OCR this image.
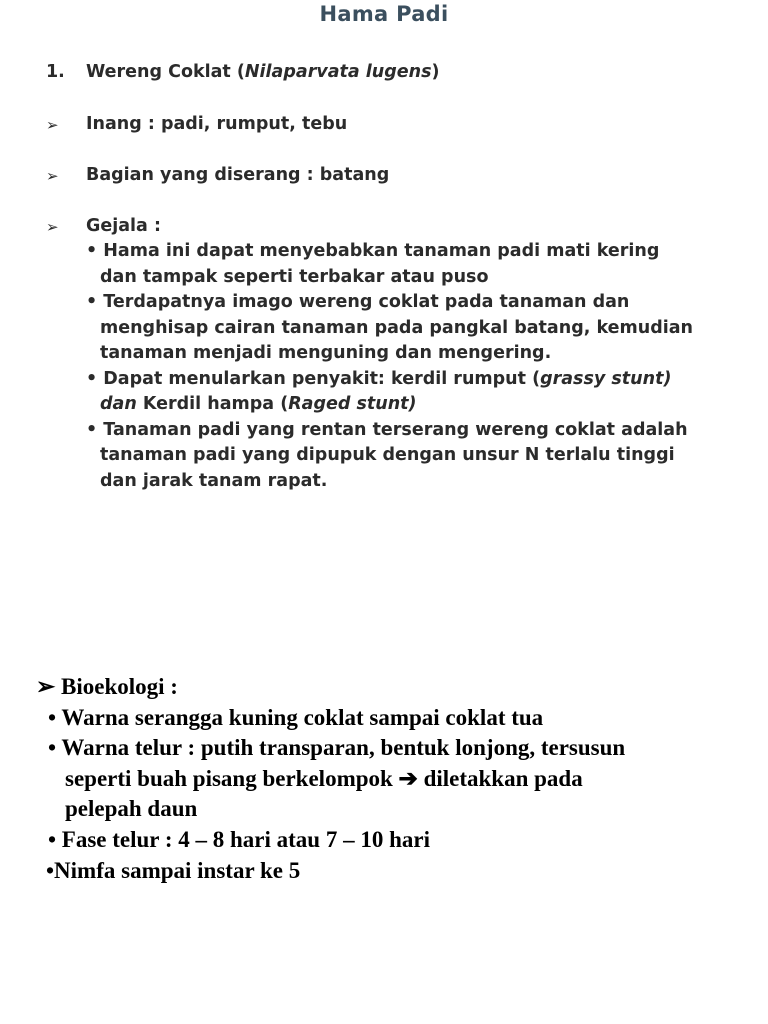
Hama Padi
1. Wereng Coklat (Nilaparvata lugens)
➢ Inang : padi, rumput, tebu
➢ Bagian yang diserang : batang
➢ Gejala :
• Hama ini dapat menyebabkan tanaman padi mati kering
dan tampak seperti terbakar atau puso
• Terdapatnya imago wereng coklat pada tanaman dan
menghisap cairan tanaman pada pangkal batang, kemudian
tanaman menjadi menguning dan mengering.
• Dapat menularkan penyakit: kerdil rumput (grassy stunt)
dan Kerdil hampa (Raged stunt)
• Tanaman padi yang rentan terserang wereng coklat adalah
tanaman padi yang dipupuk dengan unsur N terlalu tinggi
dan jarak tanam rapat.
➢ Bioekologi :
• Warna serangga kuning coklat sampai coklat tua
• Warna telur : putih transparan, bentuk lonjong, tersusun
seperti buah pisang berkelompok ➔ diletakkan pada
pelepah daun
• Fase telur : 4 – 8 hari atau 7 – 10 hari
•Nimfa sampai instar ke 5
